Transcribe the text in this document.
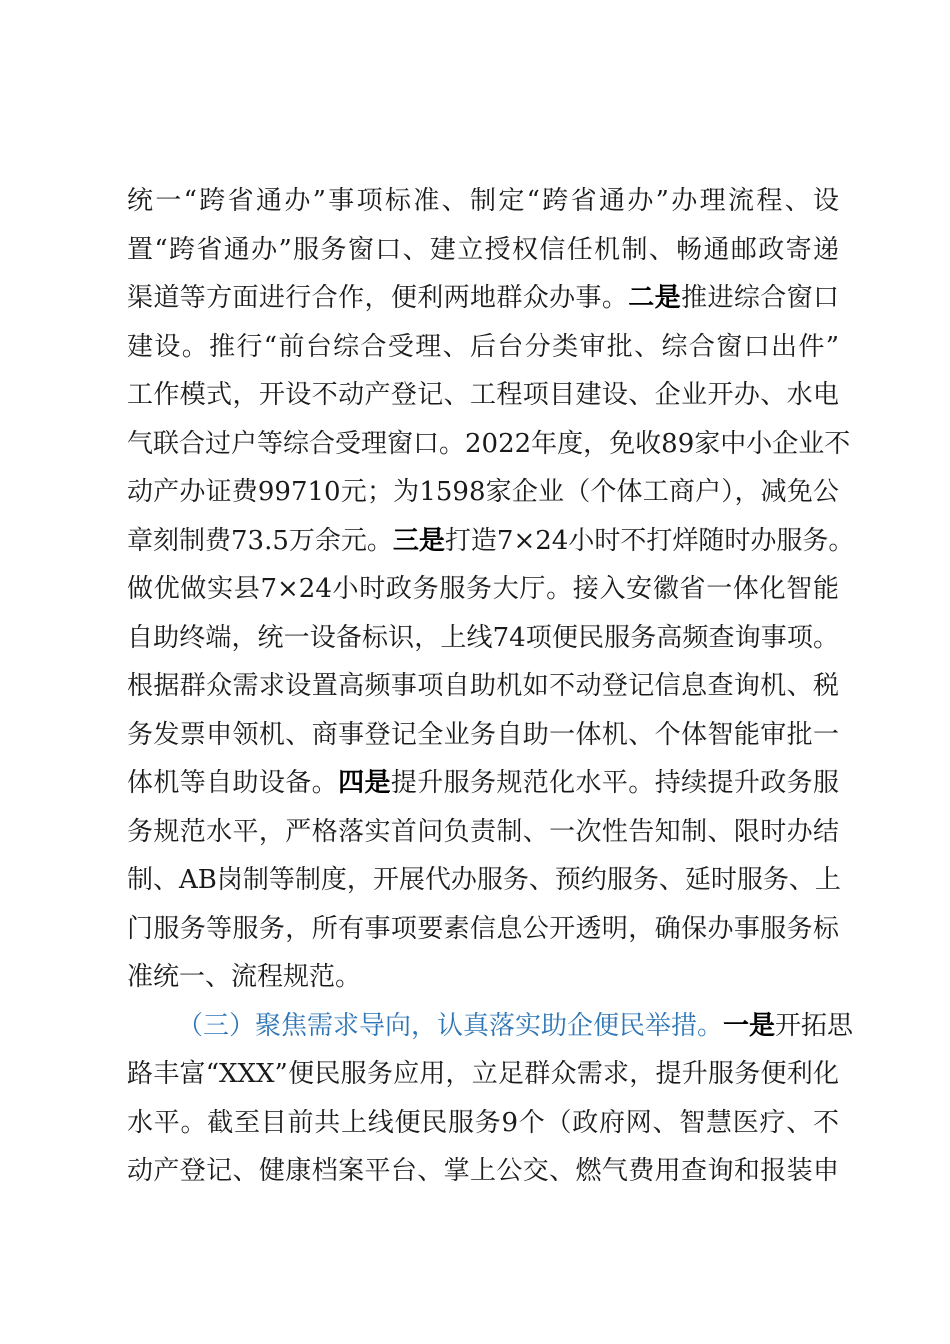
统一“跨省通办”事项标准、制定“跨省通办”办理流程、设
置“跨省通办”服务窗口、建立授权信任机制、畅通邮政寄递
渠道等方面进行合作，便利两地群众办事。二是推进综合窗口
建设。推行“前台综合受理、后台分类审批、综合窗口出件”
工作模式，开设不动产登记、工程项目建设、企业开办、水电
气联合过户等综合受理窗口。2022年度，免收89家中小企业不
动产办证费99710元；为1598家企业（个体工商户），减免公
章刻制费73.5万余元。三是打造7×24小时不打烊随时办服务。
做优做实县7×24小时政务服务大厅。接入安徽省一体化智能
自助终端，统一设备标识，上线74项便民服务高频查询事项。
根据群众需求设置高频事项自助机如不动登记信息查询机、税
务发票申领机、商事登记全业务自助一体机、个体智能审批一
体机等自助设备。四是提升服务规范化水平。持续提升政务服
务规范水平，严格落实首问负责制、一次性告知制、限时办结
制、AB岗制等制度，开展代办服务、预约服务、延时服务、上
门服务等服务，所有事项要素信息公开透明，确保办事服务标
准统一、流程规范。
（三）聚焦需求导向，认真落实助企便民举措。一是开拓思
路丰富“XXX”便民服务应用，立足群众需求，提升服务便利化
水平。截至目前共上线便民服务9个（政府网、智慧医疗、不
动产登记、健康档案平台、掌上公交、燃气费用查询和报装申
